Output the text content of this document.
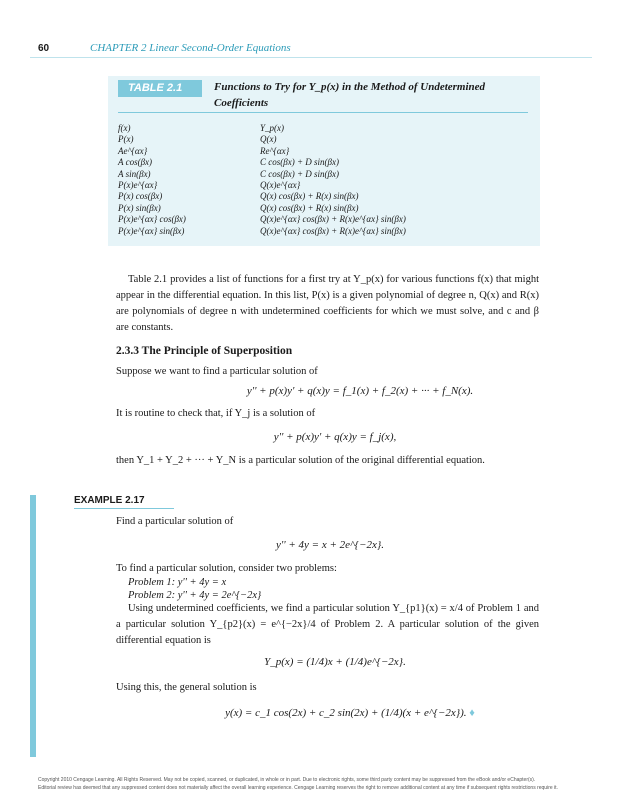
60	CHAPTER 2 Linear Second-Order Equations
TABLE 2.1	Functions to Try for Y_p(x) in the Method of Undetermined Coefficients
f(x)
P(x)
Ae^{αx}
A cos(βx)
A sin(βx)
P(x)e^{αx}
P(x) cos(βx)
P(x) sin(βx)
P(x)e^{αx} cos(βx)
P(x)e^{αx} sin(βx)
Y_p(x)
Q(x)
Re^{αx}
C cos(βx) + D sin(βx)
C cos(βx) + D sin(βx)
Q(x)e^{αx}
Q(x) cos(βx) + R(x) sin(βx)
Q(x) cos(βx) + R(x) sin(βx)
Q(x)e^{αx} cos(βx) + R(x)e^{αx} sin(βx)
Q(x)e^{αx} cos(βx) + R(x)e^{αx} sin(βx)
Table 2.1 provides a list of functions for a first try at Y_p(x) for various functions f(x) that might appear in the differential equation. In this list, P(x) is a given polynomial of degree n, Q(x) and R(x) are polynomials of degree n with undetermined coefficients for which we must solve, and c and β are constants.
2.3.3 The Principle of Superposition
Suppose we want to find a particular solution of
y'' + p(x)y' + q(x)y = f_1(x) + f_2(x) + ··· + f_N(x).
It is routine to check that, if Y_j is a solution of
y'' + p(x)y' + q(x)y = f_j(x),
then Y_1 + Y_2 + ··· + Y_N is a particular solution of the original differential equation.
EXAMPLE 2.17
Find a particular solution of
y'' + 4y = x + 2e^{−2x}.
To find a particular solution, consider two problems:
Problem 1: y'' + 4y = x
Problem 2: y'' + 4y = 2e^{−2x}
Using undetermined coefficients, we find a particular solution Y_{p1}(x) = x/4 of Problem 1 and a particular solution Y_{p2}(x) = e^{−2x}/4 of Problem 2. A particular solution of the given differential equation is
Y_p(x) = (1/4)x + (1/4)e^{−2x}.
Using this, the general solution is
y(x) = c_1 cos(2x) + c_2 sin(2x) + (1/4)(x + e^{−2x}). ♦
Copyright 2010 Cengage Learning. All Rights Reserved. May not be copied, scanned, or duplicated, in whole or in part. Due to electronic rights, some third party content may be suppressed from the eBook and/or eChapter(s).
Editorial review has deemed that any suppressed content does not materially affect the overall learning experience. Cengage Learning reserves the right to remove additional content at any time if subsequent rights restrictions require it.
